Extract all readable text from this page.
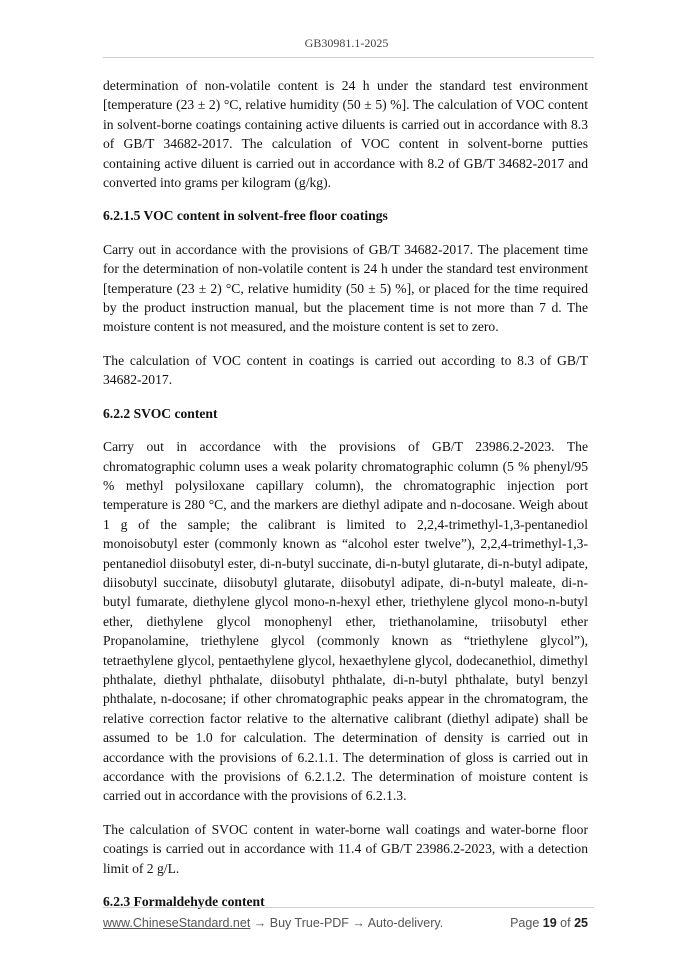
GB30981.1-2025

determination of non-volatile content is 24 h under the standard test environment [temperature (23 ± 2) °C, relative humidity (50 ± 5) %]. The calculation of VOC content in solvent-borne coatings containing active diluents is carried out in accordance with 8.3 of GB/T 34682-2017. The calculation of VOC content in solvent-borne putties containing active diluent is carried out in accordance with 8.2 of GB/T 34682-2017 and converted into grams per kilogram (g/kg).

6.2.1.5 VOC content in solvent-free floor coatings

Carry out in accordance with the provisions of GB/T 34682-2017. The placement time for the determination of non-volatile content is 24 h under the standard test environment [temperature (23 ± 2) °C, relative humidity (50 ± 5) %], or placed for the time required by the product instruction manual, but the placement time is not more than 7 d. The moisture content is not measured, and the moisture content is set to zero.

The calculation of VOC content in coatings is carried out according to 8.3 of GB/T 34682-2017.

6.2.2 SVOC content

Carry out in accordance with the provisions of GB/T 23986.2-2023. The chromatographic column uses a weak polarity chromatographic column (5 % phenyl/95 % methyl polysiloxane capillary column), the chromatographic injection port temperature is 280 °C, and the markers are diethyl adipate and n-docosane. Weigh about 1 g of the sample; the calibrant is limited to 2,2,4-trimethyl-1,3-pentanediol monoisobutyl ester (commonly known as “alcohol ester twelve”), 2,2,4-trimethyl-1,3-pentanediol diisobutyl ester, di-n-butyl succinate, di-n-butyl glutarate, di-n-butyl adipate, diisobutyl succinate, diisobutyl glutarate, diisobutyl adipate, di-n-butyl maleate, di-n-butyl fumarate, diethylene glycol mono-n-hexyl ether, triethylene glycol mono-n-butyl ether, diethylene glycol monophenyl ether, triethanolamine, triisobutyl ether Propanolamine, triethylene glycol (commonly known as “triethylene glycol”), tetraethylene glycol, pentaethylene glycol, hexaethylene glycol, dodecanethiol, dimethyl phthalate, diethyl phthalate, diisobutyl phthalate, di-n-butyl phthalate, butyl benzyl phthalate, n-docosane; if other chromatographic peaks appear in the chromatogram, the relative correction factor relative to the alternative calibrant (diethyl adipate) shall be assumed to be 1.0 for calculation. The determination of density is carried out in accordance with the provisions of 6.2.1.1. The determination of gloss is carried out in accordance with the provisions of 6.2.1.2. The determination of moisture content is carried out in accordance with the provisions of 6.2.1.3.

The calculation of SVOC content in water-borne wall coatings and water-borne floor coatings is carried out in accordance with 11.4 of GB/T 23986.2-2023, with a detection limit of 2 g/L.

6.2.3 Formaldehyde content
www.ChineseStandard.net → Buy True-PDF → Auto-delivery.	Page 19 of 25
